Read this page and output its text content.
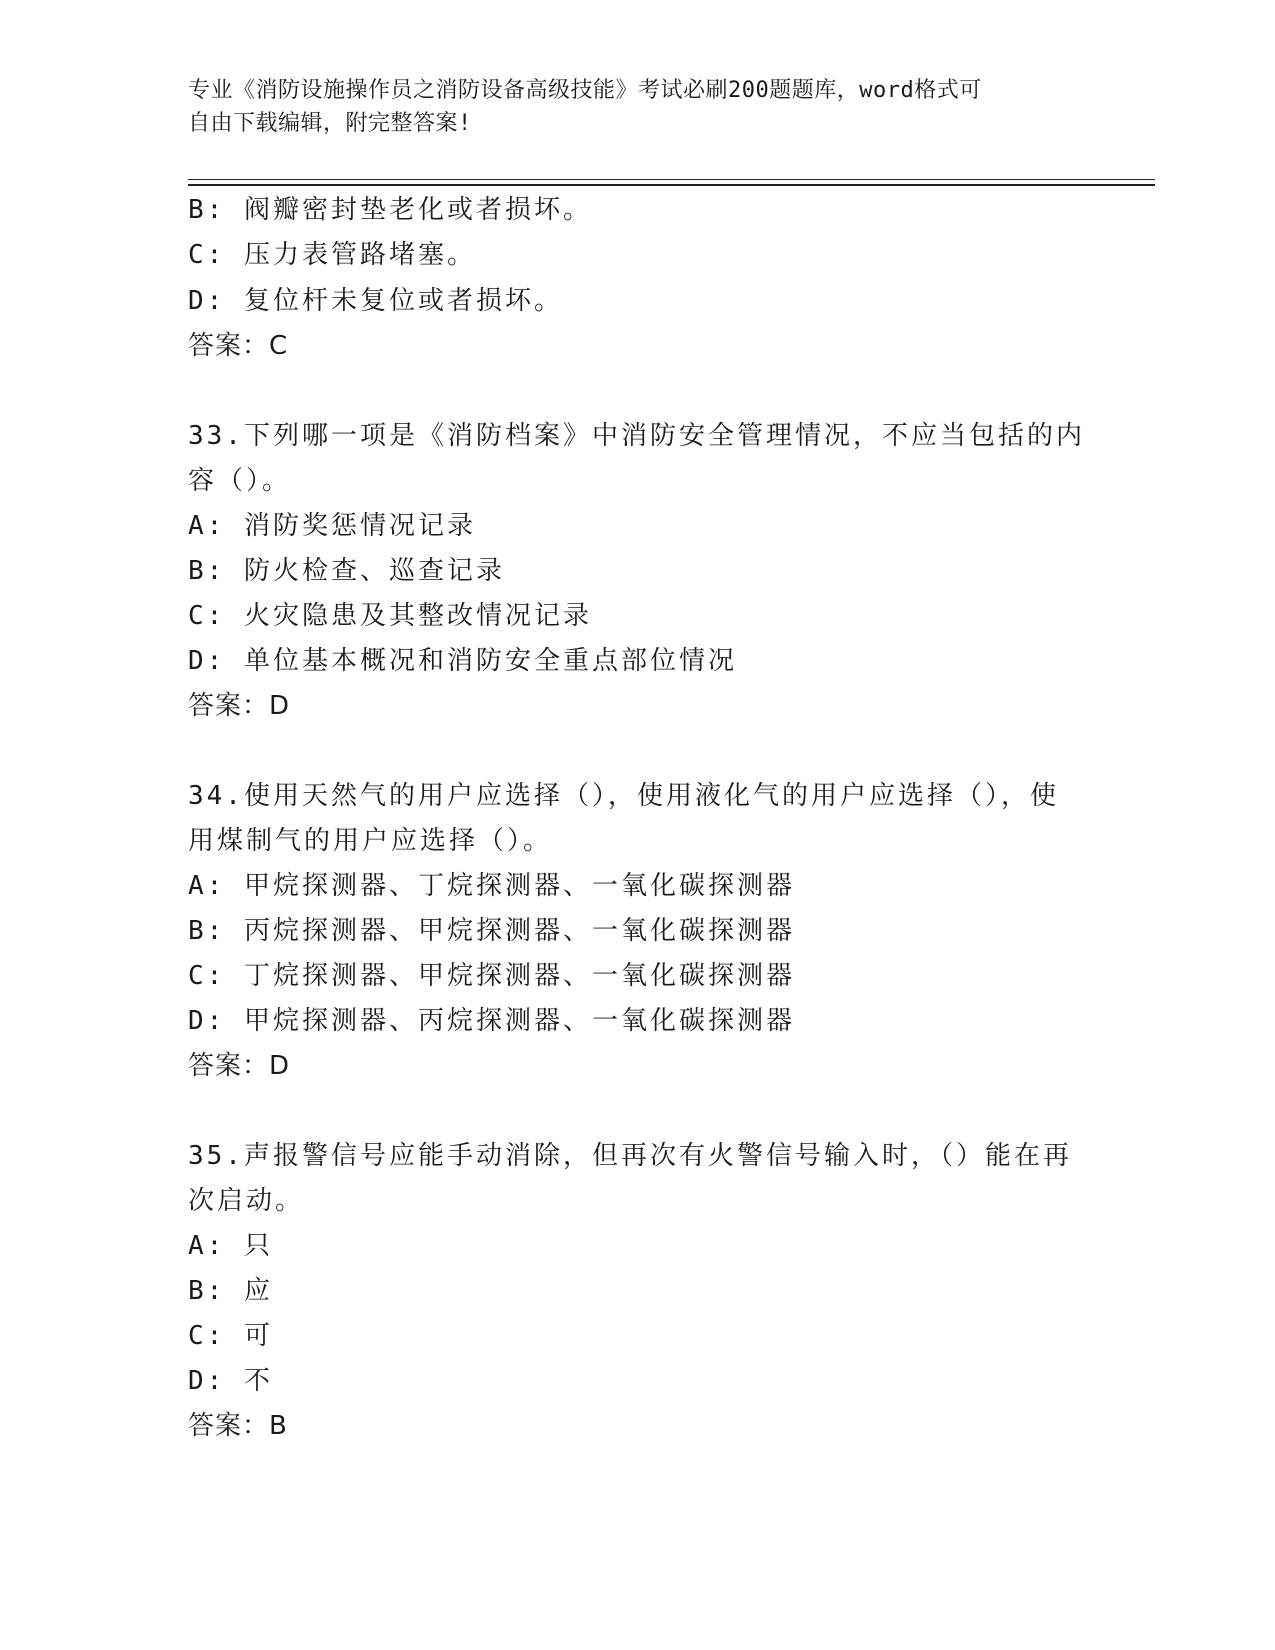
专业《消防设施操作员之消防设备高级技能》考试必刷200题题库，word格式可
自由下载编辑，附完整答案!
B: 阀瓣密封垫老化或者损坏。
C: 压力表管路堵塞。
D: 复位杆未复位或者损坏。
答案：C
33.下列哪一项是《消防档案》中消防安全管理情况，不应当包括的内
容（）。
A: 消防奖惩情况记录
B: 防火检查、巡查记录
C: 火灾隐患及其整改情况记录
D: 单位基本概况和消防安全重点部位情况
答案：D
34.使用天然气的用户应选择（），使用液化气的用户应选择（），使
用煤制气的用户应选择（）。
A: 甲烷探测器、丁烷探测器、一氧化碳探测器
B: 丙烷探测器、甲烷探测器、一氧化碳探测器
C: 丁烷探测器、甲烷探测器、一氧化碳探测器
D: 甲烷探测器、丙烷探测器、一氧化碳探测器
答案：D
35.声报警信号应能手动消除，但再次有火警信号输入时，（）能在再
次启动。
A: 只
B: 应
C: 可
D: 不
答案：B
